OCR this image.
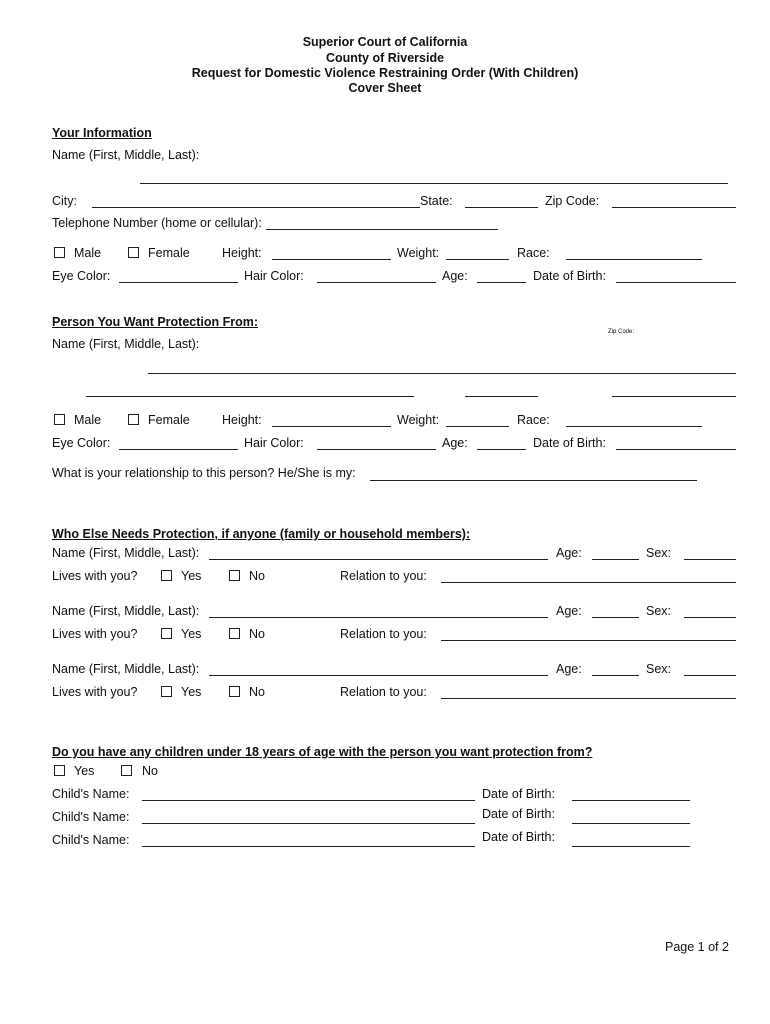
Superior Court of California
County of Riverside
Request for Domestic Violence Restraining Order (With Children)
Cover Sheet
Your Information
Name (First, Middle, Last):
City:	State:	Zip Code:
Telephone Number (home or cellular):
Male	Female	Height:	Weight:	Race:
Eye Color:	Hair Color:	Age:	Date of Birth:
Person You Want Protection From:
Zip Code:
Name (First, Middle, Last):
Male	Female	Height:	Weight:	Race:
Eye Color:	Hair Color:	Age:	Date of Birth:
What is your relationship to this person? He/She is my:
Who Else Needs Protection, if anyone (family or household members):
Name (First, Middle, Last):	Age:	Sex:
Lives with you?	Yes	No	Relation to you:
Name (First, Middle, Last):	Age:	Sex:
Lives with you?	Yes	No	Relation to you:
Name (First, Middle, Last):	Age:	Sex:
Lives with you?	Yes	No	Relation to you:
Do you have any children under 18 years of age with the person you want protection from?
Yes	No
Child's Name:	Date of Birth:
Child's Name:	Date of Birth:
Child's Name:	Date of Birth:
Page 1 of 2
